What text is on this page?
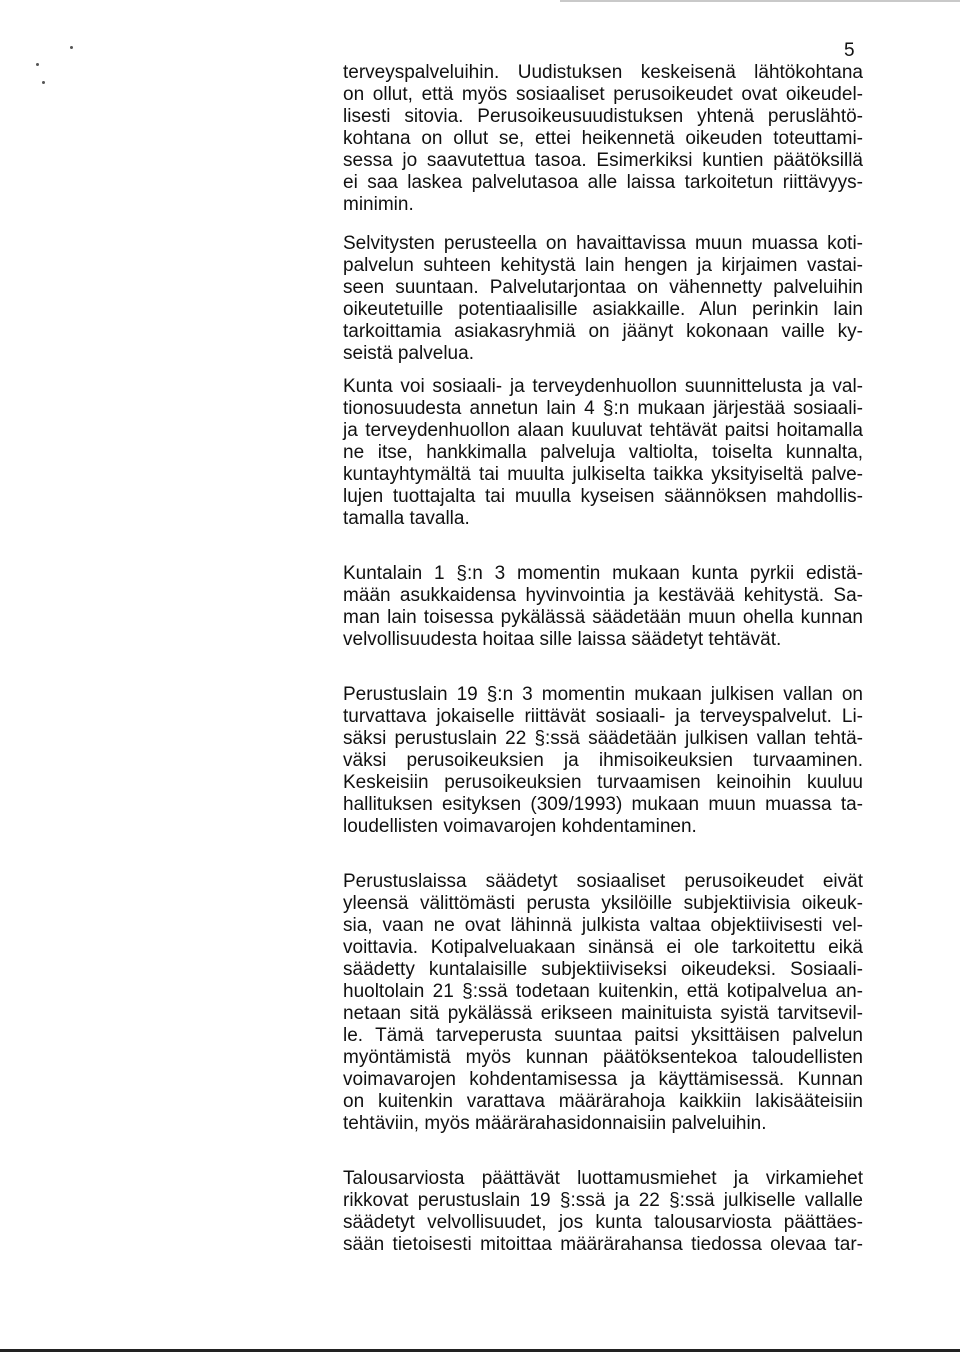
5

terveyspalveluihin. Uudistuksen keskeisenä lähtökohtana
on ollut, että myös sosiaaliset perusoikeudet ovat oikeudel-
lisesti sitovia. Perusoikeusuudistuksen yhtenä peruslähtö-
kohtana on ollut se, ettei heikennetä oikeuden toteuttami-
sessa jo saavutettua tasoa. Esimerkiksi kuntien päätöksillä
ei saa laskea palvelutasoa alle laissa tarkoitetun riittävyys-
minimin.

Selvitysten perusteella on havaittavissa muun muassa koti-
palvelun suhteen kehitystä lain hengen ja kirjaimen vastai-
seen suuntaan. Palvelutarjontaa on vähennetty palveluihin
oikeutetuille potentiaalisille asiakkaille. Alun perinkin lain
tarkoittamia asiakasryhmiä on jäänyt kokonaan vaille ky-
seistä palvelua.

Kunta voi sosiaali- ja terveydenhuollon suunnittelusta ja val-
tionosuudesta annetun lain 4 §:n mukaan järjestää sosiaali-
ja terveydenhuollon alaan kuuluvat tehtävät paitsi hoitamalla
ne itse, hankkimalla palveluja valtiolta, toiselta kunnalta,
kuntayhtymältä tai muulta julkiselta taikka yksityiseltä palve-
lujen tuottajalta tai muulla kyseisen säännöksen mahdollis-
tamalla tavalla.

Kuntalain 1 §:n 3 momentin mukaan kunta pyrkii edistä-
mään asukkaidensa hyvinvointia ja kestävää kehitystä. Sa-
man lain toisessa pykälässä säädetään muun ohella kunnan
velvollisuudesta hoitaa sille laissa säädetyt tehtävät.

Perustuslain 19 §:n 3 momentin mukaan julkisen vallan on
turvattava jokaiselle riittävät sosiaali- ja terveyspalvelut. Li-
säksi perustuslain 22 §:ssä säädetään julkisen vallan tehtä-
väksi perusoikeuksien ja ihmisoikeuksien turvaaminen.
Keskeisiin perusoikeuksien turvaamisen keinoihin kuuluu
hallituksen esityksen (309/1993) mukaan muun muassa ta-
loudellisten voimavarojen kohdentaminen.

Perustuslaissa säädetyt sosiaaliset perusoikeudet eivät
yleensä välittömästi perusta yksilöille subjektiivisia oikeuk-
sia, vaan ne ovat lähinnä julkista valtaa objektiivisesti vel-
voittavia. Kotipalveluakaan sinänsä ei ole tarkoitettu eikä
säädetty kuntalaisille subjektiiviseksi oikeudeksi. Sosiaali-
huoltolain 21 §:ssä todetaan kuitenkin, että kotipalvelua an-
netaan sitä pykälässä erikseen mainituista syistä tarvitsevil-
le. Tämä tarveperusta suuntaa paitsi yksittäisen palvelun
myöntämistä myös kunnan päätöksentekoa taloudellisten
voimavarojen kohdentamisessa ja käyttämisessä. Kunnan
on kuitenkin varattava määrärahoja kaikkiin lakisääteisiin
tehtäviin, myös määrärahasidonnaisiin palveluihin.

Talousarviosta päättävät luottamusmiehet ja virkamiehet
rikkovat perustuslain 19 §:ssä ja 22 §:ssä julkiselle vallalle
säädetyt velvollisuudet, jos kunta talousarviosta päättäes-
sään tietoisesti mitoittaa määrärahansa tiedossa olevaa tar-
